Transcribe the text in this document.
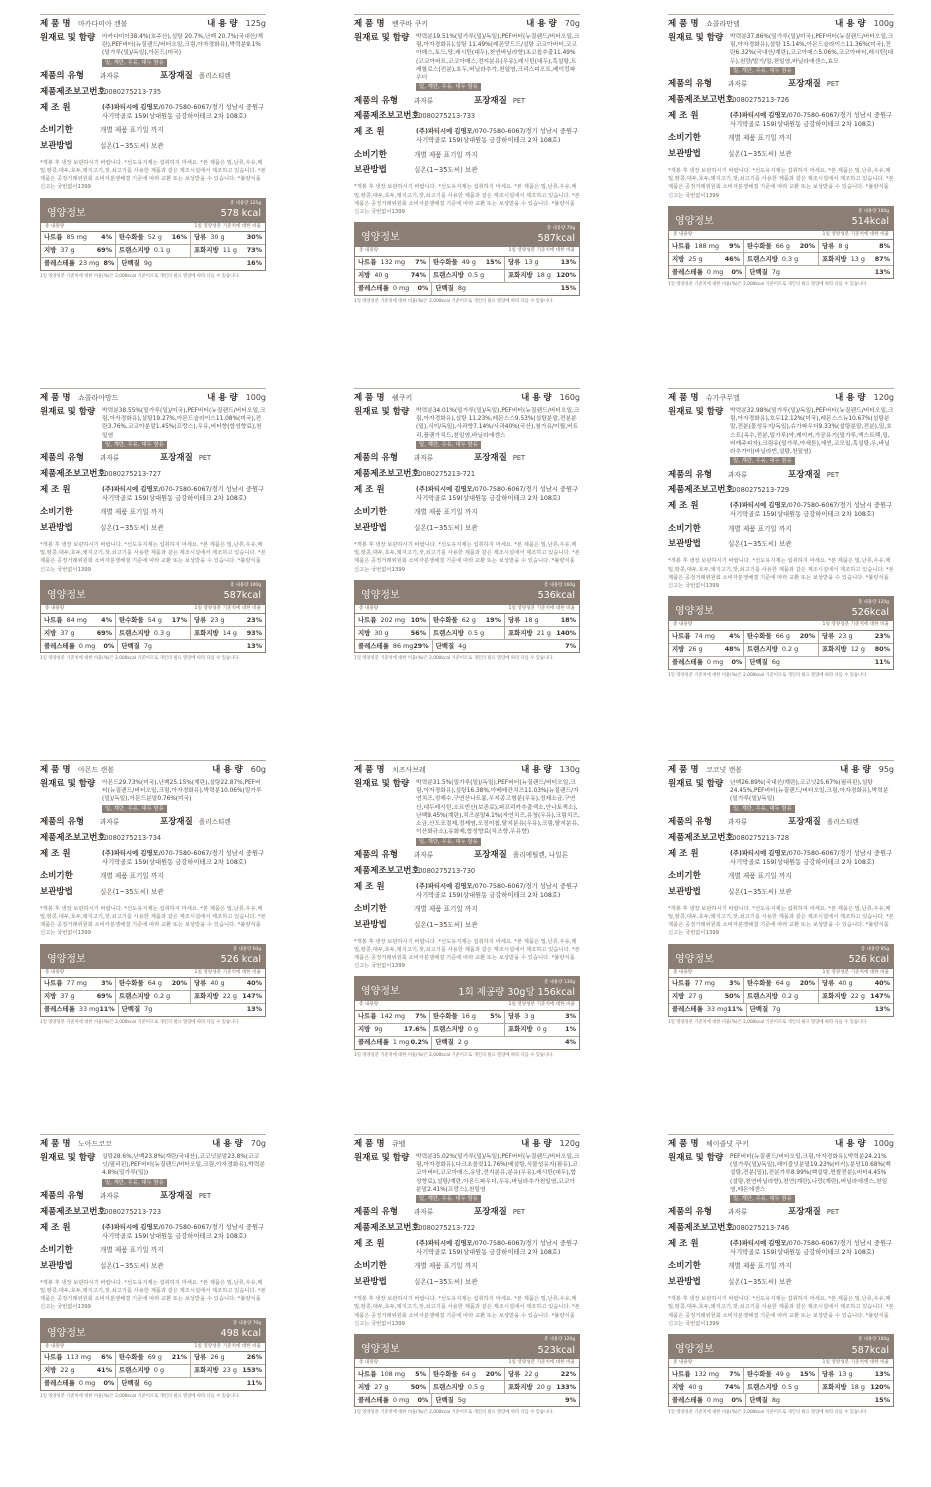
제 품 명	마카다미아 캔볼	내 용 량 125g
원재료 및 함량	마카다미아38.4%(호주산),설탕 20.7%,난백 20.7%(국내산/계란),PEF버터(뉴질랜드/버터오일,크림,아자경화유),박력분9.1%(밀가루(밀)/독일),아몬드(미국)
밀, 계란, 우유, 대두 함유
제품의 유형	과자류	포장재질 폴리스티렌
제품제조보고번호
20080275213-735
제 조 원	(주)파티시에 김영모/070-7580-6067/경기 성남시 중원구 사기막골로 159(상대원동 금강하이테크 2차 108호)
소비기한	개별 제품 표기일 까지
보관방법	실온(1~35도씨) 보관
*개봉 후 냉장 보관하시기 바랍니다. *선도유지제는 섭취하지 마세요. *본 제품은 밀,난류,우유,메밀,땅콩,대두,호두,돼지고기,잣,쇠고기를 사용한 제품과 같은 제조시설에서 제조하고 있습니다. *본 제품은 공정거래위원회 소비자분쟁해결 기준에 따라 교환 또는 보상받을 수 있습니다. *불량식품 신고는 국번없이1399
영양정보
총 내용량 125g
578 kcal
총 내용량	1일 영양성분 기준치에 대한 비율
나트륨 85 mg	4% 탄수화물 52 g	16% 당류 30 g	30%
지방 37 g	69% 트랜스지방 0.1 g	포화지방 11 g	73%
콜레스테롤 23 mg 8% 단백질 9g	16%
1일 영양성분 기준치에 대한 비율(%)은 2,000kcal 기준이므로 개인의 필요 열량에 따라 다를 수 있습니다.
제 품 명	밴쿠바 쿠키	내 용 량 70g
원재료 및 함량	박력분19.51%(밀가루(밀)/독일),PEF버터(뉴질랜드/버터오일,크림,아자경화유),설탕 11.49%(레몬맛드드/설탕 코코아버터,코코아매스,토드,당,레시틴(대두),천연바닐라향)초코칩추출11.49%(코코아버트,코코아매스,전지분유(우유),레시틴(대두),흑설탕,트레할로스(전분),호두,버닐라추가,천일염,크리스피오트,베이킹파우더
밀, 계란, 우유, 대두 함유
제품의 유형	과자류	포장재질 PET
제품제조보고번호
20080275213-733
제 조 원	(주)파티시에 김영모/070-7580-6067/경기 성남시 중원구 사기막골로 159(상대원동 금강하이테크 2차 108호)
소비기한	개별 제품 표기일 까지
보관방법	실온(1~35도씨) 보관
*개봉 후 냉장 보관하시기 바랍니다. *선도유지제는 섭취하지 마세요. *본 제품은 밀,난류,우유,메밀,땅콩,대두,호두,돼지고기,잣,쇠고기를 사용한 제품과 같은 제조시설에서 제조하고 있습니다. *본 제품은 공정거래위원회 소비자분쟁해결 기준에 따라 교환 또는 보상받을 수 있습니다. *불량식품 신고는 국번없이1399
영양정보
총 내용량 70g
587kcal
총 내용량	1일 영양성분 기준치에 대한 비율
나트륨 132 mg	7% 탄수화물 49 g	15% 당류 13 g	13%
지방 40 g	74% 트랜스지방 0.5 g	포화지방 18 g 120%
콜레스테롤 0 mg	0% 단백질 8g	15%
1일 영양성분 기준치에 대한 비율(%)은 2,000kcal 기준이므로 개인의 필요 열량에 따라 다를 수 있습니다.
제 품 명	쇼콜라만델	내 용 량 100g
원재료 및 함량	박력분37.86%(밀가루(밀)/미국),PEF버터(뉴질랜드/버터오일,크림,아자경화유),설탕 15.14%,아몬드슬라이스11.36%(미국),전란6.32%(국내산/계란),코코아매스5.06%,코코아버터,레시틴(대두),천량/발기/밀,천일염,바닐라에센스,효모
밀, 계란, 우유, 대두 함유
제품의 유형	과자류	포장재질 PET
제품제조보고번호
20080275213-726
제 조 원	(주)파티시에 김영모/070-7580-6067/경기 성남시 중원구 사기막골로 159(상대원동 금강하이테크 2차 108호)
소비기한	개별 제품 표기일 까지
보관방법	실온(1~35도씨) 보관
*개봉 후 냉장 보관하시기 바랍니다. *선도유지제는 섭취하지 마세요. *본 제품은 밀,난류,우유,메밀,땅콩,대두,호두,돼지고기,잣,쇠고기를 사용한 제품과 같은 제조시설에서 제조하고 있습니다. *본 제품은 공정거래위원회 소비자분쟁해결 기준에 따라 교환 또는 보상받을 수 있습니다. *불량식품 신고는 국번없이1399
영양정보
총 내용량 100g
514kcal
총 내용량	1일 영양성분 기준치에 대한 비율
나트륨 188 mg	9% 탄수화물 66 g	20% 당류 8 g	8%
지방 25 g	46% 트랜스지방 0.3 g	포화지방 13 g	87%
콜레스테롤 0 mg	0% 단백질 7g	13%
1일 영양성분 기준치에 대한 비율(%)은 2,000kcal 기준이므로 개인의 필요 열량에 따라 다를 수 있습니다.
제 품 명	쇼콜라아망드	내 용 량 100g
원재료 및 함량	박력분38.55%(밀가루(밀)/미국),PEF버터(뉴질랜드/버터오일,크림,아자경화유),설탕19.27%,아몬드슬라이스11.08%(미국),전란3.76%,코코아분말1.45%(프랑스),우유,버터향(합성향료),천일염
밀, 계란, 우유, 대두 함유
제품의 유형	과자류	포장재질 PET
제품제조보고번호
20080275213-727
제 조 원	(주)파티시에 김영모/070-7580-6067/경기 성남시 중원구 사기막골로 159(상대원동 금강하이테크 2차 108호)
소비기한	개별 제품 표기일 까지
보관방법	실온(1~35도씨) 보관
*개봉 후 냉장 보관하시기 바랍니다. *선도유지제는 섭취하지 마세요. *본 제품은 밀,난류,우유,메밀,땅콩,대두,호두,돼지고기,잣,쇠고기를 사용한 제품과 같은 제조시설에서 제조하고 있습니다. *본 제품은 공정거래위원회 소비자분쟁해결 기준에 따라 교환 또는 보상받을 수 있습니다. *불량식품 신고는 국번없이1399
영양정보
총 내용량 100g
587kcal
총 내용량	1일 영양성분 기준치에 대한 비율
나트륨 84 mg	4% 탄수화물 54 g	17% 당류 23 g	23%
지방 37 g	69% 트랜스지방 0.3 g	포화지방 14 g	93%
콜레스테롤 0 mg	0% 단백질 7g	13%
1일 영양성분 기준치에 대한 비율(%)은 2,000kcal 기준이므로 개인의 필요 열량에 따라 다를 수 있습니다.
제 품 명	쉘쿠키	내 용 량 160g
원재료 및 함량	박력분34.01%(밀가루(밀)/독일),PEF버터(뉴질랜드/버터오일,크림,아자경화유),설탕 11.23%,레몬스스9.53%(설탕분말,전분분(밀),식이/독일),사과향7.14%/사과40%(국산),첨가유/이퀄,버트리,플랜가치드,천일염,바닐라에센스
밀, 계란, 우유, 대두 함유
제품의 유형	과자류	포장재질 PET
제품제조보고번호
20080275213-721
제 조 원	(주)파티시에 김영모/070-7580-6067/경기 성남시 중원구 사기막골로 159(상대원동 금강하이테크 2차 108호)
소비기한	개별 제품 표기일 까지
보관방법	실온(1~35도씨) 보관
*개봉 후 냉장 보관하시기 바랍니다. *선도유지제는 섭취하지 마세요. *본 제품은 밀,난류,우유,메밀,땅콩,대두,호두,돼지고기,잣,쇠고기를 사용한 제품과 같은 제조시설에서 제조하고 있습니다. *본 제품은 공정거래위원회 소비자분쟁해결 기준에 따라 교환 또는 보상받을 수 있습니다. *불량식품 신고는 국번없이1399
영양정보
총 내용량 160g
536kcal
총 내용량	1일 영양성분 기준치에 대한 비율
나트륨 202 mg 10% 탄수화물 62 g	19% 당류 18 g	18%
지방 30 g	56% 트랜스지방 0.5 g	포화지방 21 g 140%
콜레스테롤 86 mg 29% 단백질 4g	7%
1일 영양성분 기준치에 대한 비율(%)은 2,000kcal 기준이므로 개인의 필요 열량에 따라 다를 수 있습니다.
제 품 명	슈가쿠무엘	내 용 량 120g
원재료 및 함량	박력분32.98%(밀가루(밀)/독일),PEF버터(뉴질랜드/버터오일,크림,아자경화유),호두12.12%(미국),레몬스스뉴10.67%(설탕분말,전분(물성유지/독일),슈가파우더9.33%(설탕분말,전분),밀,호스트(옥수,전분,밀가루)약,케이커,가공유기(밀가루,엑스트렉,밀,비캐주피자),크림유(밀가루,아세톤),에씬,코모일,흑설탕,우,바닐라추가미(바닐라빈,설탕,천일염)
밀, 계란, 우유, 대두 함유
제품의 유형	과자류	포장재질 PET
제품제조보고번호
20080275213-729
제 조 원	(주)파티시에 김영모/070-7580-6067/경기 성남시 중원구 사기막골로 159(상대원동 금강하이테크 2차 108호)
소비기한	개별 제품 표기일 까지
보관방법	실온(1~35도씨) 보관
*개봉 후 냉장 보관하시기 바랍니다. *선도유지제는 섭취하지 마세요. *본 제품은 밀,난류,우유,메밀,땅콩,대두,호두,돼지고기,잣,쇠고기를 사용한 제품과 같은 제조시설에서 제조하고 있습니다. *본 제품은 공정거래위원회 소비자분쟁해결 기준에 따라 교환 또는 보상받을 수 있습니다. *불량식품 신고는 국번없이1399
영양정보
총 내용량 120g
526kcal
총 내용량	1일 영양성분 기준치에 대한 비율
나트륨 74 mg	4% 탄수화물 66 g	20% 당류 23 g	23%
지방 26 g	48% 트랜스지방 0.2 g	포화지방 12 g	80%
콜레스테롤 0 mg	0% 단백질 6g	11%
1일 영양성분 기준치에 대한 비율(%)은 2,000kcal 기준이므로 개인의 필요 열량에 따라 다를 수 있습니다.
제 품 명	아몬드 캔볼	내 용 량 60g
원재료 및 함량	아몬드29.73%(미국),난백25.15%(계란),설탕22.87%,PEF버터(뉴질랜드/버터오일,크림,아자경화유),박력분10.06%(밀가루(밀)/독일),아몬드분말0.76%(미국)
밀, 계란, 우유, 대두 함유
제품의 유형	과자류	포장재질 폴리스티렌
제품제조보고번호
20080275213-734
제 조 원	(주)파티시에 김영모/070-7580-6067/경기 성남시 중원구 사기막골로 159(상대원동 금강하이테크 2차 108호)
소비기한	개별 제품 표기일 까지
보관방법	실온(1~35도씨) 보관
*개봉 후 냉장 보관하시기 바랍니다. *선도유지제는 섭취하지 마세요. *본 제품은 밀,난류,우유,메밀,땅콩,대두,호두,돼지고기,잣,쇠고기를 사용한 제품과 같은 제조시설에서 제조하고 있습니다. *본 제품은 공정거래위원회 소비자분쟁해결 기준에 따라 교환 또는 보상받을 수 있습니다. *불량식품 신고는 국번없이1399
영양정보
총 내용량 60g
526 kcal
총 내용량	1일 영양성분 기준치에 대한 비율
나트륨 77 mg	3% 탄수화물 64 g	20% 당류 40 g	40%
지방 37 g	69% 트랜스지방 0.2 g	포화지방 22 g 147%
콜레스테롤 33 mg 11% 단백질 7g	13%
1일 영양성분 기준치에 대한 비율(%)은 2,000kcal 기준이므로 개인의 필요 열량에 따라 다를 수 있습니다.
제 품 명	치즈사브레	내 용 량 130g
원재료 및 함량	박력분31.5%(밀가루(밀)/독일),PEF버터(뉴질랜드/버터오일,크림,아자경화유),설탕16.38%,아베테칸치즈11.03%(뉴질랜드/자연치즈,정제수,구연산나트륨,우지종고형분(우유),정제소금,구연산,대두레시틴,소르빈산(보존료),파프리카추출색소,안나토색소),난백9.45%(계란),치즈분말4.1%(자연치즈,유청(우유),크림치즈,소금,산도조절제,정제염,오징어칩,탈지분유(우유),크림,탈지분유,이산화규소),유화제,합성향료(치즈향,우유향)
밀, 계란, 우유, 대두 함유
제품의 유형	과자류	포장재질 폴리에틸렌, 나일론
제품제조보고번호
20080275213-730
제 조 원	(주)파티시에 김영모/070-7580-6067/경기 성남시 중원구 사기막골로 159(상대원동 금강하이테크 2차 108호)
소비기한	개별 제품 표기일 까지
보관방법	실온(1~35도씨) 보관
*개봉 후 냉장 보관하시기 바랍니다. *선도유지제는 섭취하지 마세요. *본 제품은 밀,난류,우유,메밀,땅콩,대두,호두,돼지고기,잣,쇠고기를 사용한 제품과 같은 제조시설에서 제조하고 있습니다. *본 제품은 공정거래위원회 소비자분쟁해결 기준에 따라 교환 또는 보상받을 수 있습니다. *불량식품 신고는 국번없이1399
영양정보
총 내용량 130g
1회 제공량 30g당 156kcal
총 내용량	1일 영양성분 기준치에 대한 비율
나트륨 142 mg	7% 탄수화물 16 g	5% 당류 3 g	3%
지방 9g	17.6% 트랜스지방 0 g	포화지방 0 g	1%
콜레스테롤 1 mg 0.2% 단백질 2 g	4%
1일 영양성분 기준치에 대한 비율(%)은 2,000kcal 기준이므로 개인의 필요 열량에 따라 다를 수 있습니다.
제 품 명	코코넛 캔볼	내 용 량 95g
원재료 및 함량	난백26.89%(국내산/계란),코코넛25.67%(필리핀),설탕24.45%,PEF버터(뉴질랜드/버터오일,크림,아자경화유),박력분(밀가루(밀)/독일)
밀, 계란, 우유, 대두 함유
제품의 유형	과자류	포장재질 폴리스티렌
제품제조보고번호
20080275213-728
제 조 원	(주)파티시에 김영모/070-7580-6067/경기 성남시 중원구 사기막골로 159(상대원동 금강하이테크 2차 108호)
소비기한	개별 제품 표기일 까지
보관방법	실온(1~35도씨) 보관
*개봉 후 냉장 보관하시기 바랍니다. *선도유지제는 섭취하지 마세요. *본 제품은 밀,난류,우유,메밀,땅콩,대두,호두,돼지고기,잣,쇠고기를 사용한 제품과 같은 제조시설에서 제조하고 있습니다. *본 제품은 공정거래위원회 소비자분쟁해결 기준에 따라 교환 또는 보상받을 수 있습니다. *불량식품 신고는 국번없이1399
영양정보
총 내용량 95g
526 kcal
총 내용량	1일 영양성분 기준치에 대한 비율
나트륨 77 mg	3% 탄수화물 64 g	20% 당류 40 g	40%
지방 27 g	50% 트랜스지방 0.2 g	포화지방 22 g 147%
콜레스테롤 33 mg 11% 단백질 7g	13%
1일 영양성분 기준치에 대한 비율(%)은 2,000kcal 기준이므로 개인의 필요 열량에 따라 다를 수 있습니다.
제 품 명	노아드코코	내 용 량 70g
원재료 및 함량	설탕28.6%,난백23.8%(계란/국내산),코코넛분말23.8%(코코넛/필리핀),PEF버터(뉴질랜드/버터오일,크림,아자경화유),박력분4.8%(밀가루(밀))
밀, 계란, 우유, 대두 함유
제품의 유형	과자류	포장재질 PET
제품제조보고번호
20080275213-723
제 조 원	(주)파티시에 김영모/070-7580-6067/경기 성남시 중원구 사기막골로 159(상대원동 금강하이테크 2차 108호)
소비기한	개별 제품 표기일 까지
보관방법	실온(1~35도씨) 보관
*개봉 후 냉장 보관하시기 바랍니다. *선도유지제는 섭취하지 마세요. *본 제품은 밀,난류,우유,메밀,땅콩,대두,호두,돼지고기,잣,쇠고기를 사용한 제품과 같은 제조시설에서 제조하고 있습니다. *본 제품은 공정거래위원회 소비자분쟁해결 기준에 따라 교환 또는 보상받을 수 있습니다. *불량식품 신고는 국번없이1399
영양정보
총 내용량 70g
498 kcal
총 내용량	1일 영양성분 기준치에 대한 비율
나트륨 113 mg	6% 탄수화물 69 g	21% 당류 26 g	26%
지방 22 g	41% 트랜스지방 0 g	포화지방 23 g 153%
콜레스테롤 0 mg	0% 단백질 6g	11%
1일 영양성분 기준치에 대한 비율(%)은 2,000kcal 기준이므로 개인의 필요 열량에 따라 다를 수 있습니다.
제 품 명	큐벨	내 용 량 120g
원재료 및 함량	박력분35.02%(밀가루(밀)/독일),PEF버터(뉴질랜드/버터오일,크림,아자경화유),다크초콜릿11.76%(배설탕,식물성유지(팜유),코코아버터,코코아매스,유당,전지분유,분유(우유),레시틴(대두),합성향료),설탕/계란,아몬드파우더,우유,바닐라추가천일염,코코아분말2.41%(프랑스),천일염
밀, 계란, 우유, 대두 함유
제품의 유형	과자류	포장재질 PET
제품제조보고번호
20080275213-722
제 조 원	(주)파티시에 김영모/070-7580-6067/경기 성남시 중원구 사기막골로 159(상대원동 금강하이테크 2차 108호)
소비기한	개별 제품 표기일 까지
보관방법	실온(1~35도씨) 보관
*개봉 후 냉장 보관하시기 바랍니다. *선도유지제는 섭취하지 마세요. *본 제품은 밀,난류,우유,메밀,땅콩,대두,호두,돼지고기,잣,쇠고기를 사용한 제품과 같은 제조시설에서 제조하고 있습니다. *본 제품은 공정거래위원회 소비자분쟁해결 기준에 따라 교환 또는 보상받을 수 있습니다. *불량식품 신고는 국번없이1399
영양정보
총 내용량 120g
523kcal
총 내용량	1일 영양성분 기준치에 대한 비율
나트륨 108 mg	5% 탄수화물 64 g	20% 당류 22 g	22%
지방 27 g	50% 트랜스지방 0.5 g	포화지방 20 g 133%
콜레스테롤 0 mg	0% 단백질 5g	9%
1일 영양성분 기준치에 대한 비율(%)은 2,000kcal 기준이므로 개인의 필요 열량에 따라 다를 수 있습니다.
제 품 명	헤이즐넛 쿠키	내 용 량 100g
원재료 및 함량	PEF버터(뉴질랜드/버터오일,크림,아자경화유),박력분24.21%(밀가루(밀)/독일),헤이즐넛분말19.23%(터키),분당10.68%(백설탕,전분(밀)),전분가루8.99%(백설탕,찐쌀전분),버터4.45%(설탕,천연바닐라향),천연(계란),나랑(계란),버닐라에센스,천일염,레몬에센스
밀, 계란, 우유, 대두 함유
제품의 유형	과자류	포장재질 PET
제품제조보고번호
20080275213-746
제 조 원	(주)파티시에 김영모/070-7580-6067/경기 성남시 중원구 사기막골로 159(상대원동 금강하이테크 2차 108호)
소비기한	개별 제품 표기일 까지
보관방법	실온(1~35도씨) 보관
*개봉 후 냉장 보관하시기 바랍니다. *선도유지제는 섭취하지 마세요. *본 제품은 밀,난류,우유,메밀,땅콩,대두,호두,돼지고기,잣,쇠고기를 사용한 제품과 같은 제조시설에서 제조하고 있습니다. *본 제품은 공정거래위원회 소비자분쟁해결 기준에 따라 교환 또는 보상받을 수 있습니다. *불량식품 신고는 국번없이1399
영양정보
총 내용량 100g
587kcal
총 내용량	1일 영양성분 기준치에 대한 비율
나트륨 132 mg	7% 탄수화물 49 g	15% 당류 13 g	13%
지방 40 g	74% 트랜스지방 0.5 g	포화지방 18 g 120%
콜레스테롤 0 mg	0% 단백질 8g	15%
1일 영양성분 기준치에 대한 비율(%)은 2,000kcal 기준이므로 개인의 필요 열량에 따라 다를 수 있습니다.
